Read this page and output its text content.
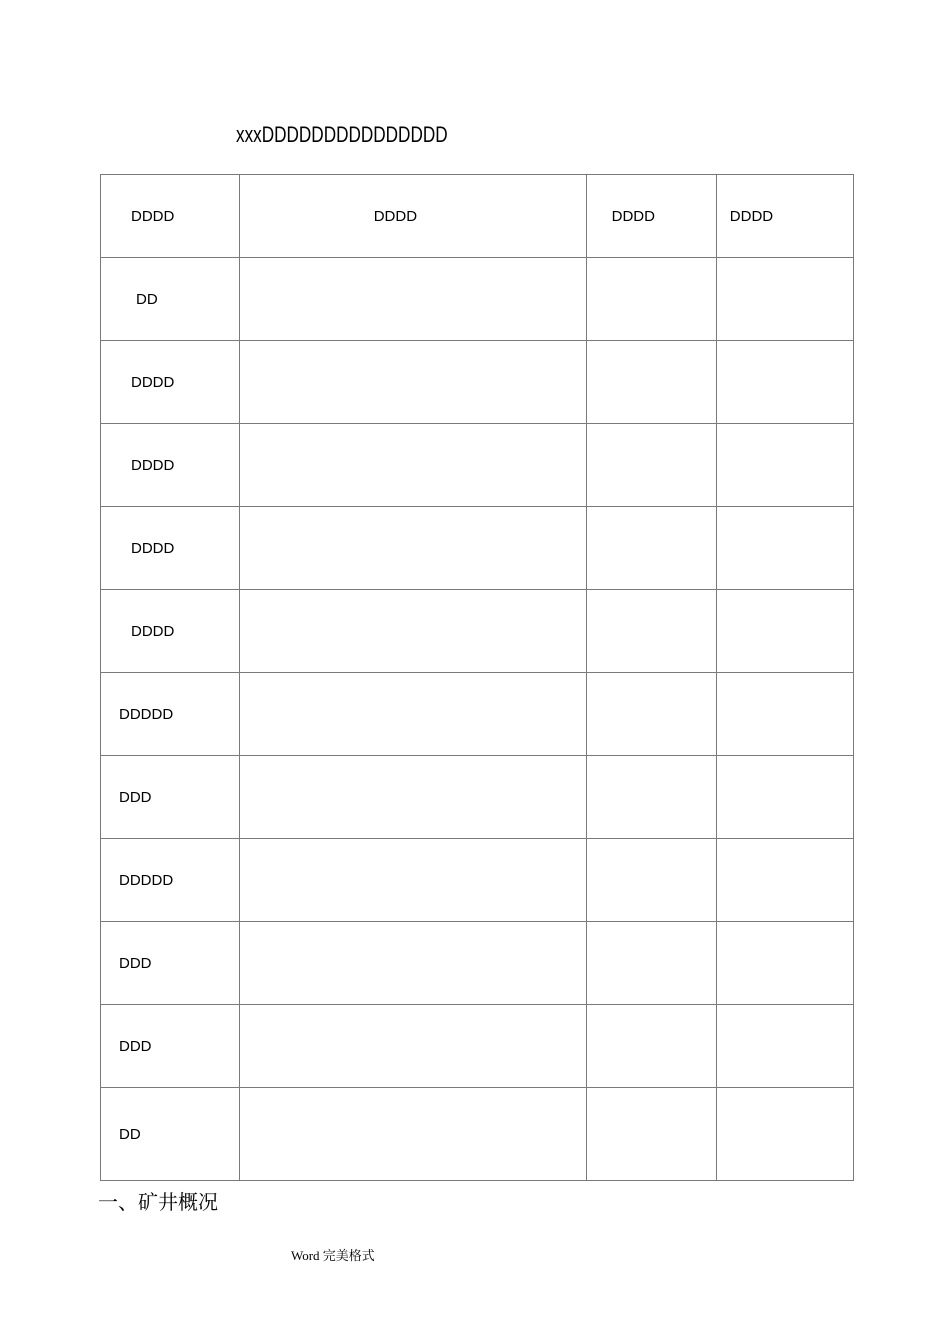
xxxDDDDDDDDDDDDDDD
DDDD	DDDD	DDDD	DDDD
DD			
DDDD			
DDDD			
DDDD			
DDDD			
DDDDD			
DDD			
DDDDD			
DDD			
DDD			
DD			
一、矿井概况
Word 完美格式
